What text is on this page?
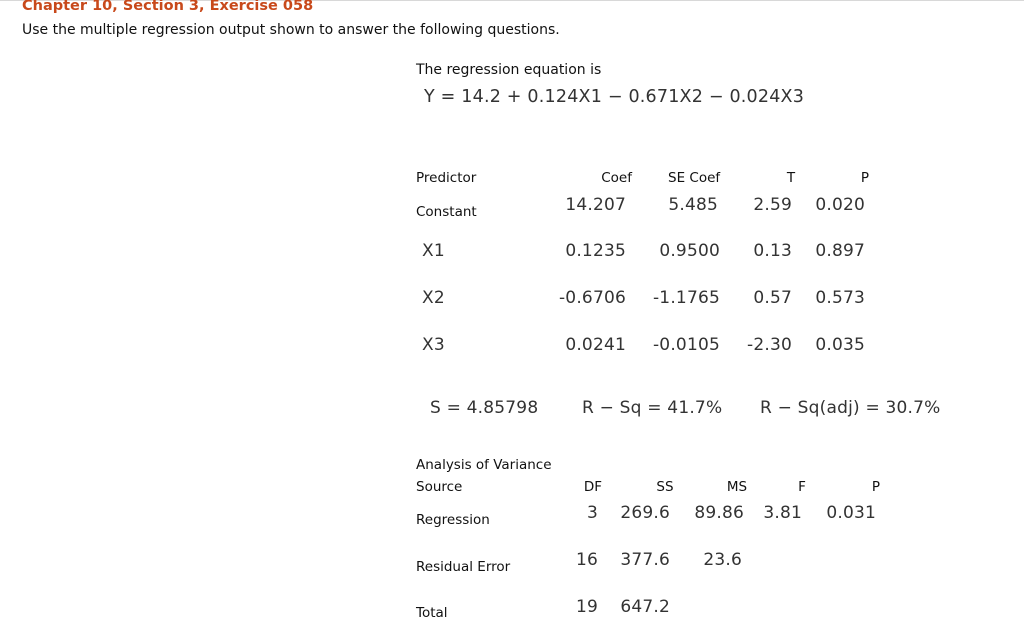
Chapter 10, Section 3, Exercise 058
Use the multiple regression output shown to answer the following questions.
The regression equation is
Y = 14.2 + 0.124X1 − 0.671X2 − 0.024X3
Predictor	Coef	SE Coef	T	P
Constant	14.207	5.485	2.59	0.020
X1	0.1235	0.9500	0.13	0.897
X2	-0.6706	-1.1765	0.57	0.573
X3	0.0241	-0.0105	-2.30	0.035
S = 4.85798	R − Sq = 41.7% R − Sq(adj) = 30.7%
Analysis of Variance
Source	DF	SS	MS	F	P
Regression	3	269.6	89.86	3.81	0.031
Residual Error	16	377.6	23.6
Total	19	647.2
